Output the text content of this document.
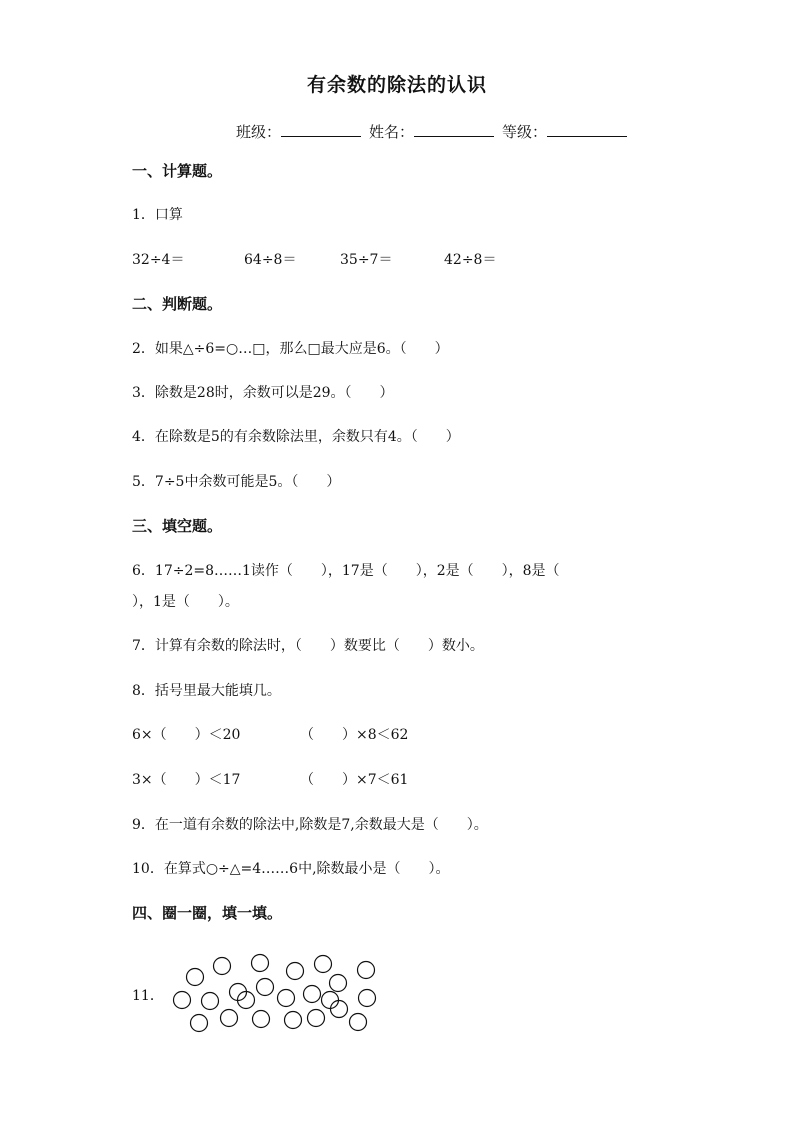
有余数的除法的认识
班级：	姓名：	等级：
一、计算题。
1．口算
32÷4＝	64÷8＝	35÷7＝	42÷8＝
二、判断题。
2．如果△÷6=○…□，那么□最大应是6。（　　）
3．除数是28时，余数可以是29。（　　）
4．在除数是5的有余数除法里，余数只有4。（　　）
5．7÷5中余数可能是5。（　　）
三、填空题。
6．17÷2=8……1读作（　　），17是（　　），2是（　　），8是（
），1是（　　）。
7．计算有余数的除法时，（　　）数要比（　　）数小。
8．括号里最大能填几。
6×（　　）＜20	（　　）×8＜62
3×（　　）＜17	（　　）×7＜61
9．在一道有余数的除法中,除数是7,余数最大是（　　）。
10．在算式○÷△=4……6中,除数最小是（　　）。
四、圈一圈，填一填。
11．
